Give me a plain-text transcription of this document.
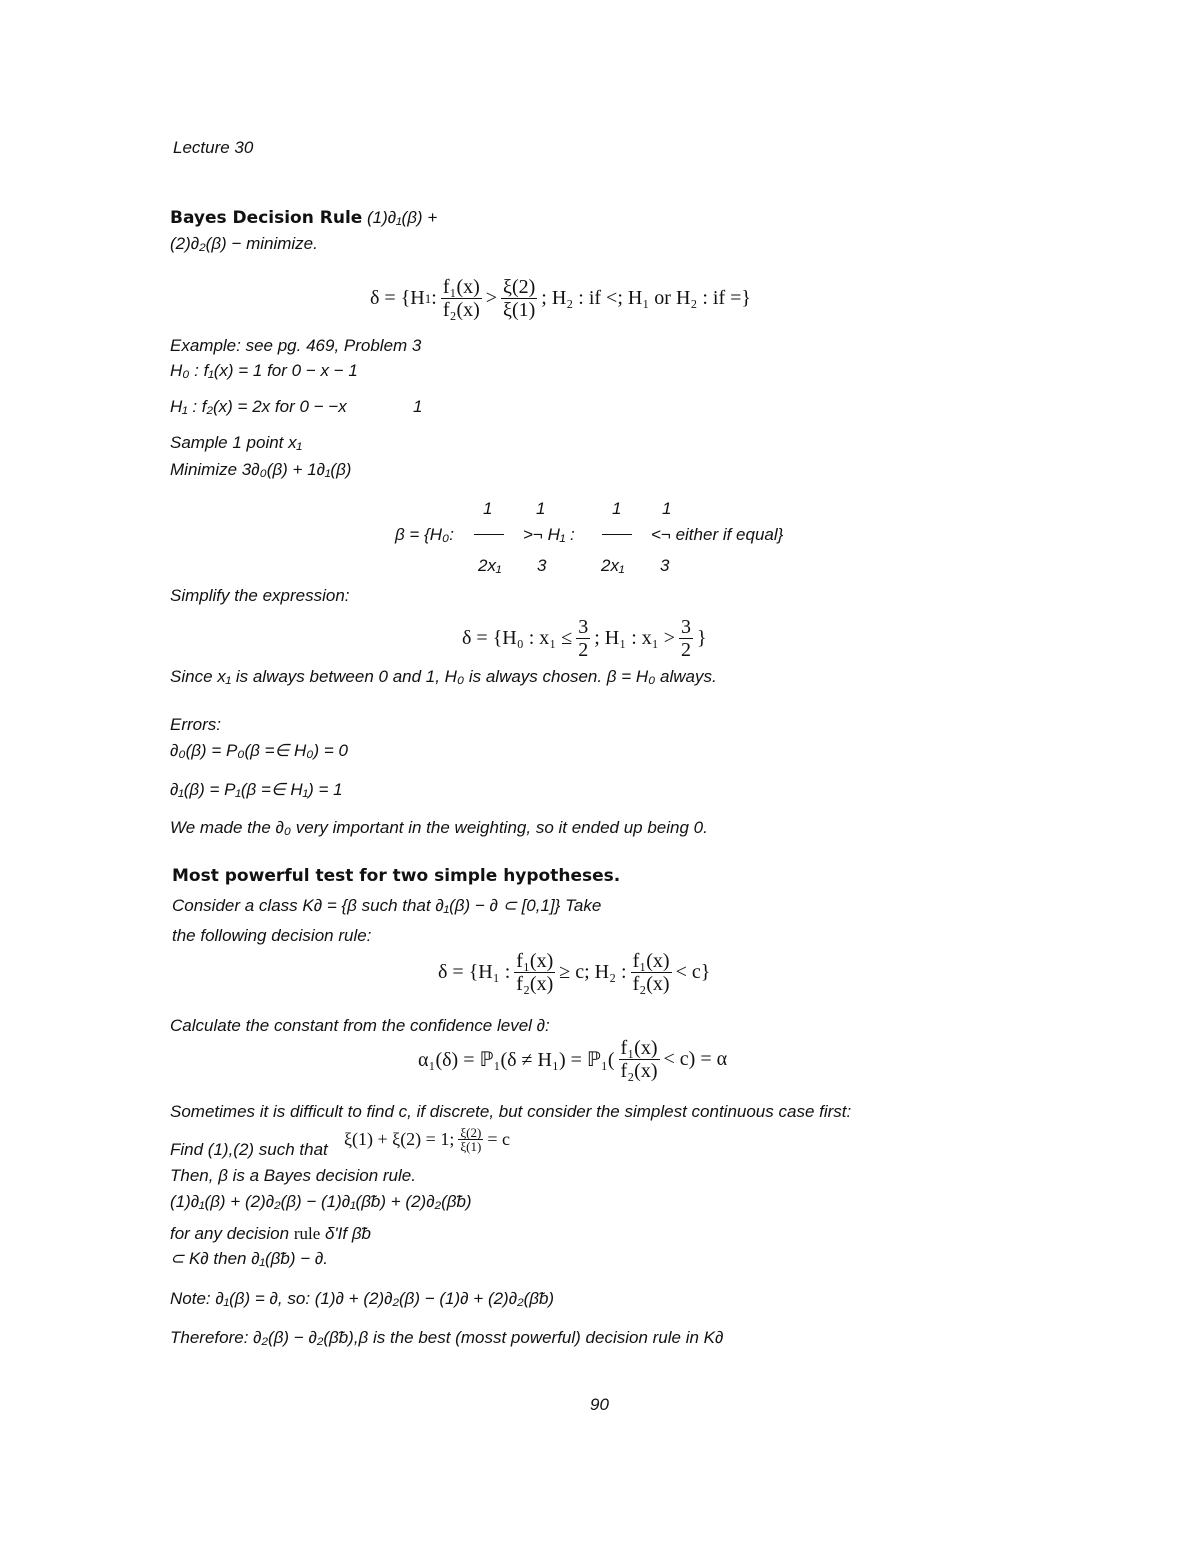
Lecture 30
Bayes Decision Rule (1)∂₁(β) +
(2)∂₂(β) − minimize.
δ = {H 1 : $\frac{\text{f₁(x)}}{\text{f₂(x)}} > \frac{\xi(2)}{\xi(1)}$ ; H₂ : if <; H₁ or H₂ : if =}
Example: see pg. 469, Problem 3
H₀ : f₁(x) = 1 for 0 − x − 1
H₁ : f₂(x) = 2x for 0 − −x	1
Sample 1 point x₁
Minimize 3∂₀(β) + 1∂₁(β)
1	1	1 1
β = {H₀:	>¬ H₁ :	<¬ either if equal}
2x₁ 3	2x₁ 3
Simplify the expression:
δ = {H₀ : $x_1 \le \frac{3}{2}$ ; H₁ : $x_1 > \frac{3}{2}$ }
Since x₁ is always between 0 and 1, H₀ is always chosen. β = H₀ always.
Errors:
∂₀(β) = P₀(β =∈ H₀) = 0
∂₁(β) = P₁(β =∈ H₁) = 1
We made the ∂₀ very important in the weighting, so it ended up being 0.
Most powerful test for two simple hypotheses.
Consider a class K∂ = {β such that ∂₁(β) − ∂ ⊂ [0,1]} Take
the following decision rule:
δ = {H₁ : $\frac{\text{f₁(x)}}{\text{f₂(x)}} \ge c$; H₂ : $\frac{\text{f₁(x)}}{\text{f₂(x)}} < c$}
Calculate the constant from the confidence level ∂:
α₁(δ) = ℙ₁(δ ≠ H₁) = ℙ₁( $\frac{\text{f₁(x)}}{\text{f₂(x)}} < c) = \alpha$
Sometimes it is difficult to find c, if discrete, but consider the simplest continuous case first:
Find (1),(2) such that
ξ(1) + ξ(2) = 1; $\frac{\xi(2)}{\xi(1)} = c$
Then, β is a Bayes decision rule.
(1)∂₁(β) + (2)∂₂(β) − (1)∂₁(βᵬ) + (2)∂₂(βᵬ)
for any decision rule δ'If βᵬ
⊂ K∂ then ∂₁(βᵬ) − ∂.
Note: ∂₁(β) = ∂, so: (1)∂ + (2)∂₂(β) − (1)∂ + (2)∂₂(βᵬ)
Therefore: ∂₂(β) − ∂₂(βᵬ),β is the best (mosst powerful) decision rule in K∂
90
